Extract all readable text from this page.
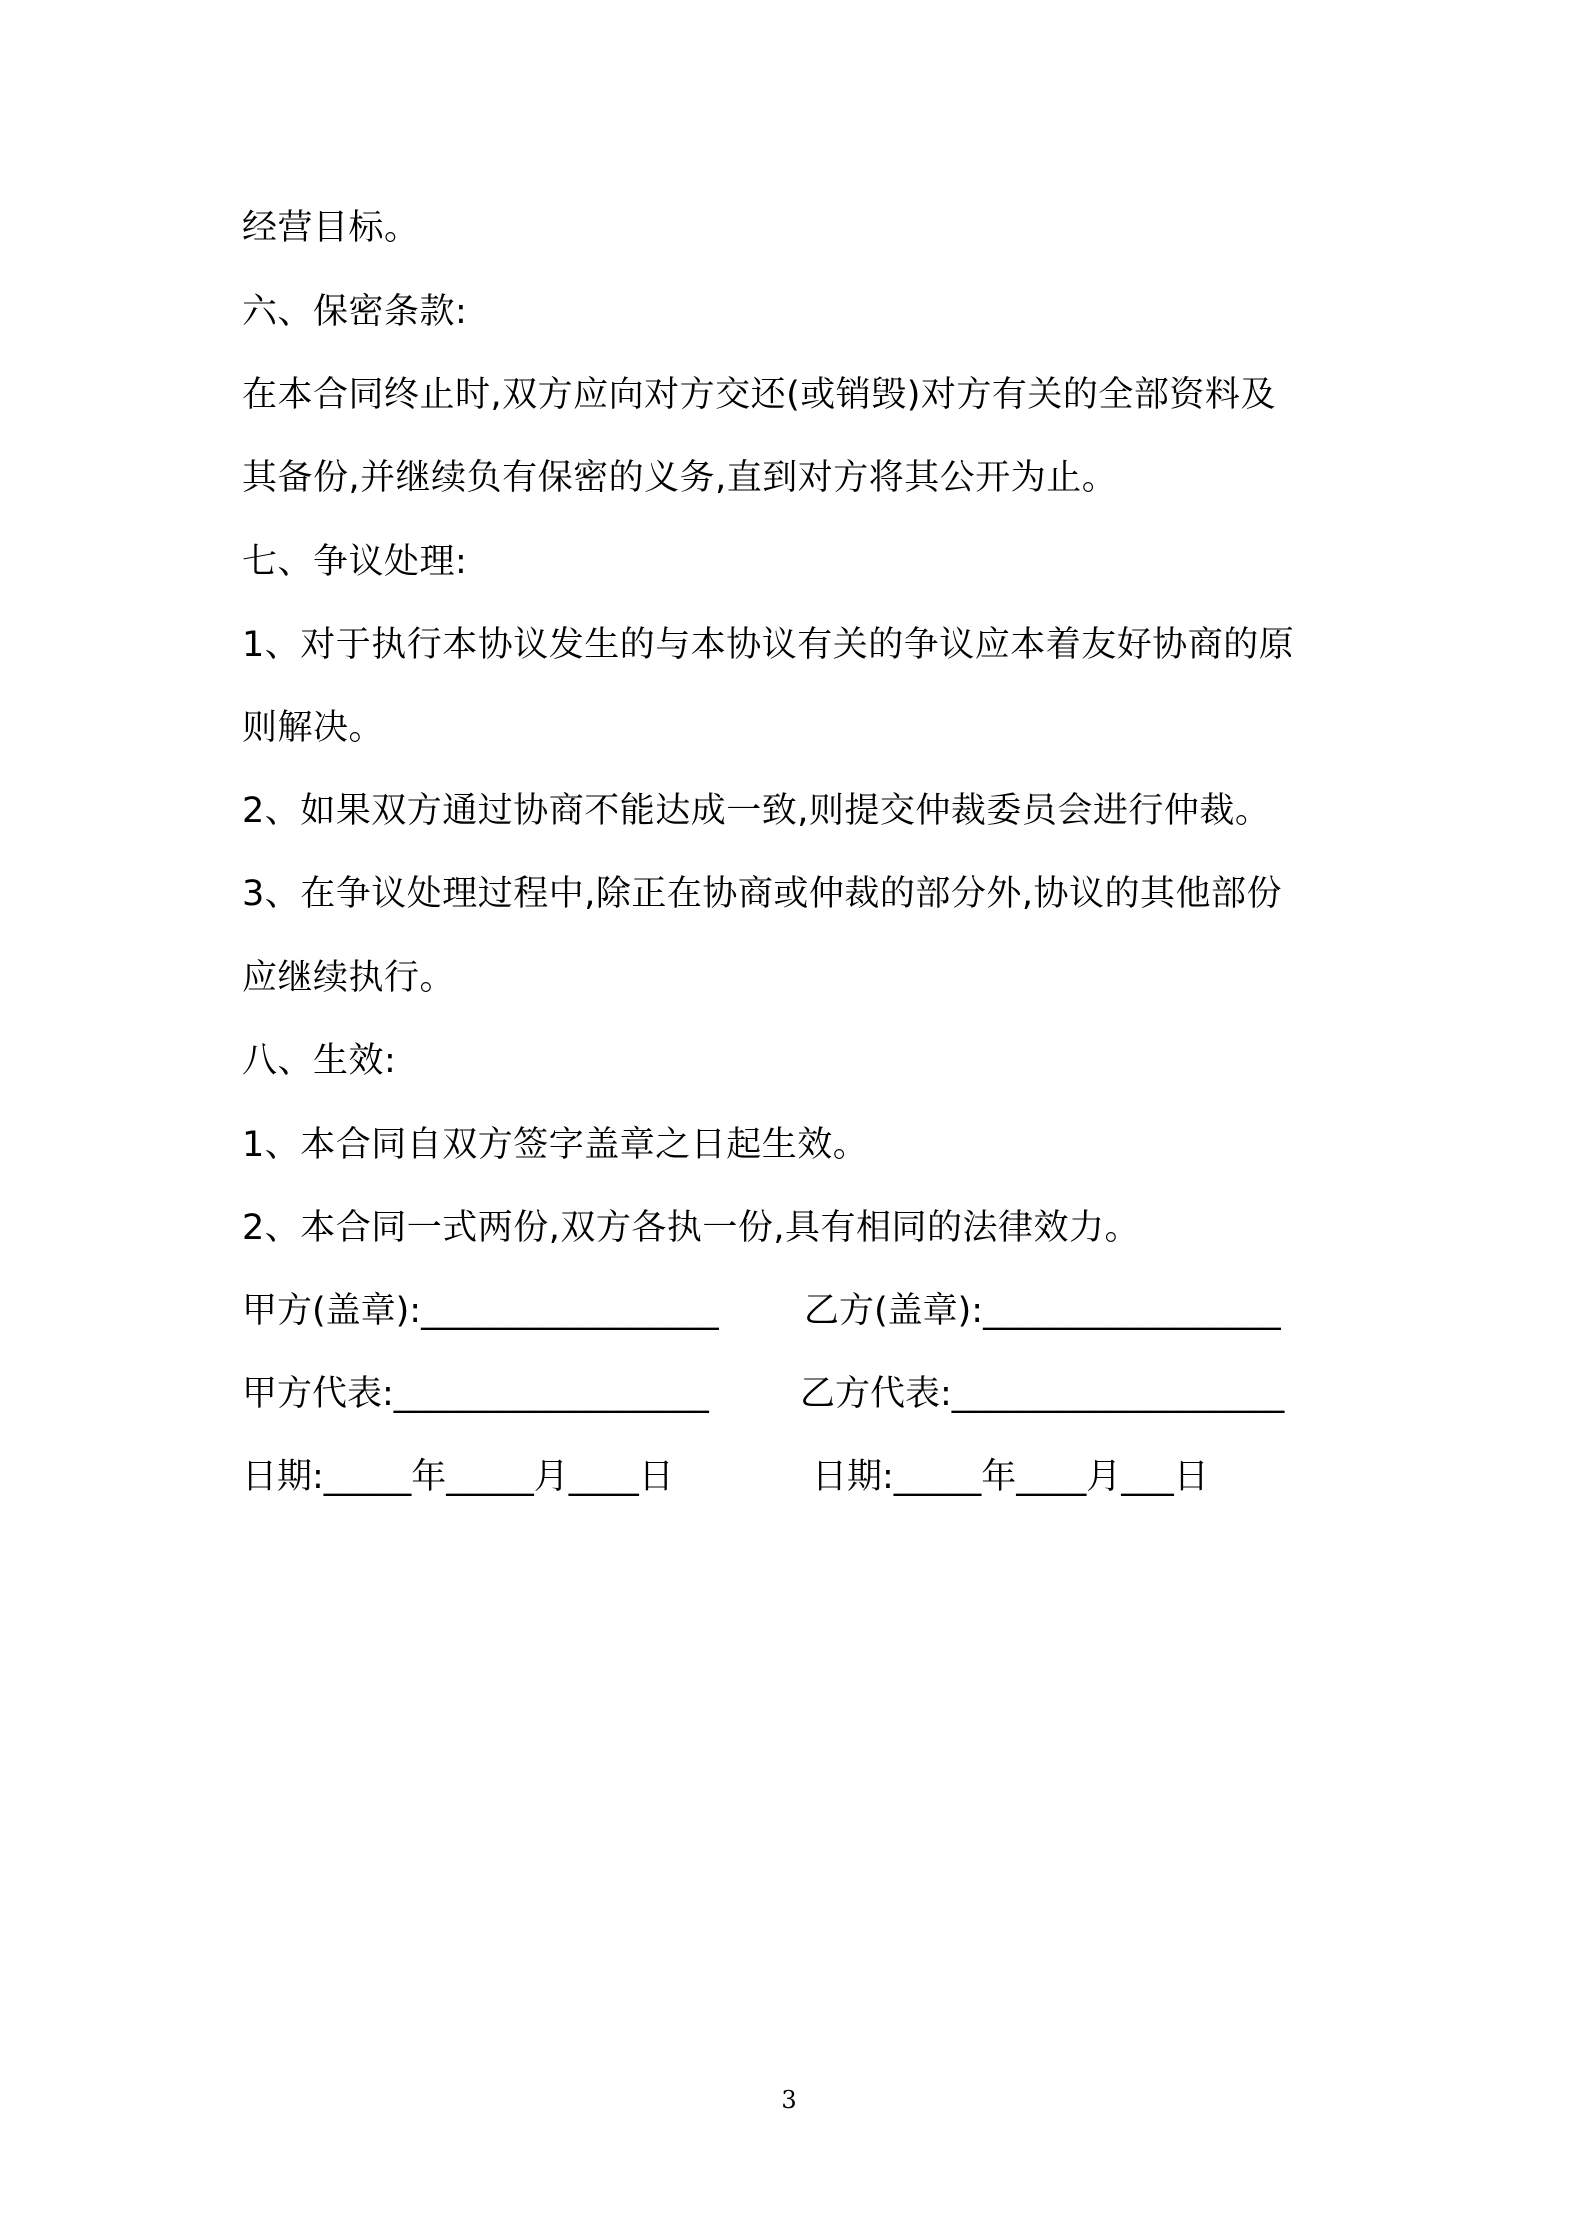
经营目标。
六、保密条款:
在本合同终止时,双方应向对方交还(或销毁)对方有关的全部资料及
其备份,并继续负有保密的义务,直到对方将其公开为止。
七、争议处理:
1、对于执行本协议发生的与本协议有关的争议应本着友好协商的原
则解决。
2、如果双方通过协商不能达成一致,则提交仲裁委员会进行仲裁。
3、在争议处理过程中,除正在协商或仲裁的部分外,协议的其他部份
应继续执行。
八、生效:
1、本合同自双方签字盖章之日起生效。
2、本合同一式两份,双方各执一份,具有相同的法律效力。
甲方(盖章):_________________ 乙方(盖章):_________________
甲方代表:__________________	乙方代表:___________________
日期:_____年_____月____日	日期:_____年____月___日
3
